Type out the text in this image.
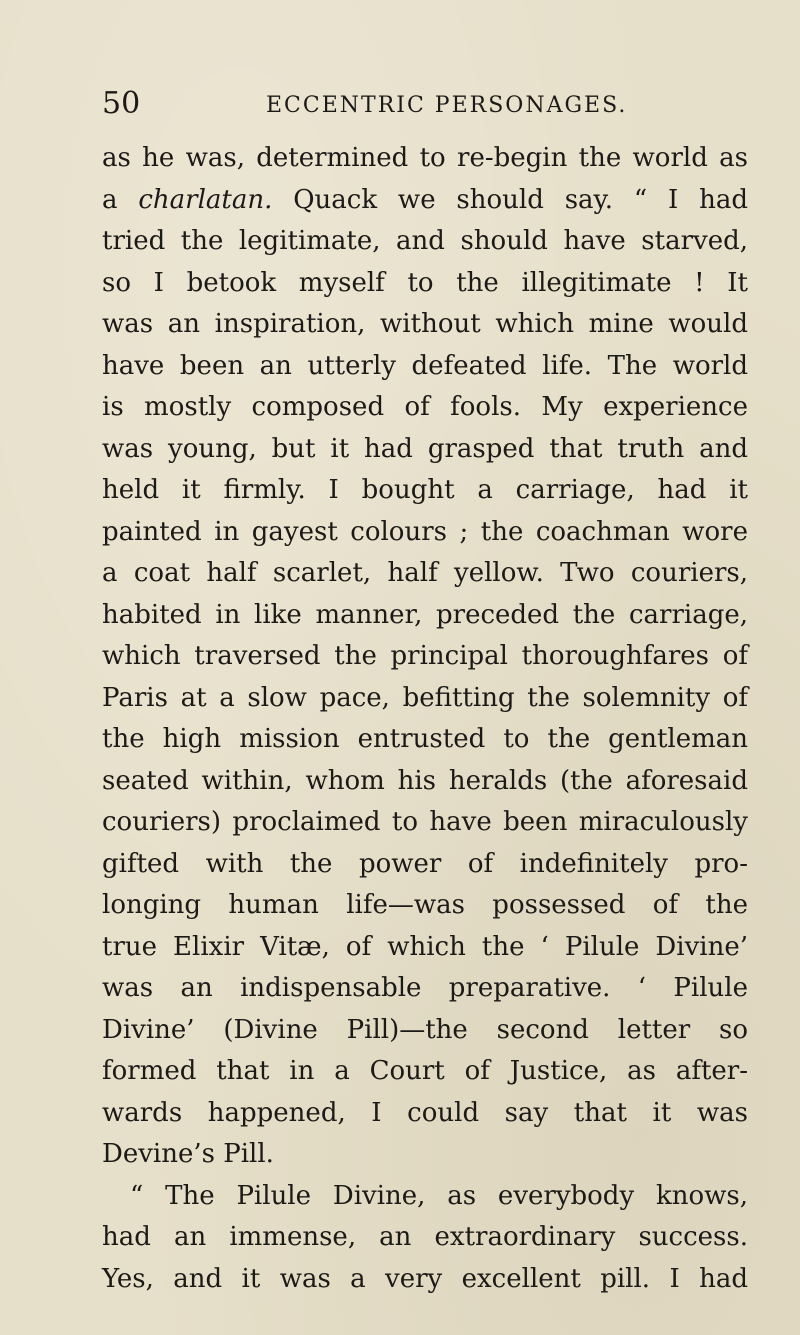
50	ECCENTRIC PERSONAGES.
as he was, determined to re-begin the world as
a charlatan. Quack we should say. “ I had
tried the legitimate, and should have starved,
so I betook myself to the illegitimate ! It
was an inspiration, without which mine would
have been an utterly defeated life. The world
is mostly composed of fools. My experience
was young, but it had grasped that truth and
held it firmly. I bought a carriage, had it
painted in gayest colours ; the coachman wore
a coat half scarlet, half yellow. Two couriers,
habited in like manner, preceded the carriage,
which traversed the principal thoroughfares of
Paris at a slow pace, befitting the solemnity of
the high mission entrusted to the gentleman
seated within, whom his heralds (the aforesaid
couriers) proclaimed to have been miraculously
gifted with the power of indefinitely pro-
longing human life—was possessed of the
true Elixir Vitæ, of which the ‘ Pilule Divine’
was an indispensable preparative. ‘ Pilule
Divine’ (Divine Pill)—the second letter so
formed that in a Court of Justice, as after-
wards happened, I could say that it was
Devine’s Pill.
“ The Pilule Divine, as everybody knows,
had an immense, an extraordinary success.
Yes, and it was a very excellent pill. I had
